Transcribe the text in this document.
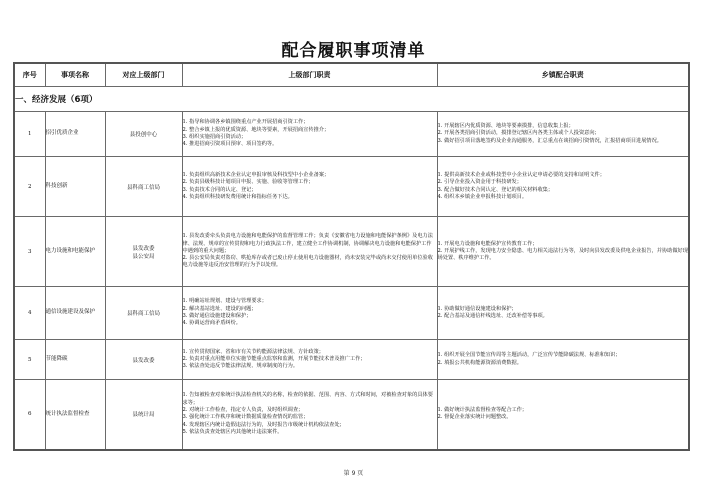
配合履职事项清单
序号	事项名称	对应上级部门	上级部门职责	乡镇配合职责
一、经济发展（6项）				
1	招引优质企业	县投创中心	1. 指导和协调各乡镇围绕重点产业开展招商引资工作；
2. 整合乡镇上报的优质资源、地块等要素，开展招商宣传推介；
3. 组织实施招商引资活动；
4. 推进招商引资项目预审、项目签约等。	1. 开展辖区内优质资源、地块等要素摸排，信息收集上报；
2. 开展各类招商引资活动，摸排登记辖区内各类主体或个人投资意向；
3. 做好招引项目落地签约及企业沟通服务，汇总重点在谈招商引资情况，汇报招商项目进展情况。

2	科技创新	县科商工信局	1. 负责组织高新技术企业认定申报审核及科技型中小企业备案；
2. 负责县级科技计划项目申报、实施、验收等管理工作；
3. 负责技术合同的认定、登记；
4. 负责组织科技研发费用统计和指标任务下达。	1. 提供高新技术企业或科技型中小企业认定申请必要的支持和证明文件；
2. 引导企业投入资金用于科技研发；
3. 配合做好技术合同认定、登记的相关材料收集；
4. 组织本乡镇企业申报科技计划项目。

3	电力设施和电能保护	县发改委
县公安局	1. 县发改委牵头负责电力设施和电能保护的监督管理工作；负责《安徽省电力设施和电能保护条例》及电力法律、法规、规章的宣传贯彻和电力行政执法工作，建立健全工作协调机制，协调解决电力设施和电能保护工作中遇到的重大问题；
2. 县公安局负责对盗窃、哄抢库存或者已废止停止使用电力设施器材，尚未安装完毕或尚未交付使用单位验收电力设施等违反治安管理的行为予以处理。	1. 开展电力设施和电能保护宣传教育工作；
2. 开展护线工作，发现电力安全隐患、电力相关违法行为等，及时向县发改委及供电企业报告，并协助做好现场处置、秩序维护工作。

4	通信设施建设及保护	县科商工信局	1. 明确站址规划、建设与管理要求；
2. 解决基站选址、建设的问题；
3. 做好通信设施建设和保护；
4. 协调运营商矛盾纠纷。	1. 协助做好通信设施建设和保护；
2. 配合基站及通信杆线选址、迁改补偿等事项。

5	节能降碳	县发改委	1. 宣传贯彻国家、省和市有关节约能源法律法规、方针政策；
2. 负责对重点用能单位实施节能重点监察和监测，开展节能技术普及推广工作；
3. 依法查处违反节能法律法规、规章制度的行为。	1. 组织开展全国节能宣传周等主题活动，广泛宣传节能降碳法规、标准和知识；
2. 填报公共机构能源资源消费数据。

6	统计执法监督检查	县统计局	1. 告知被检查对象统计执法检查机关的名称，检查的依据、范围、内容、方式和时间，对被检查对象的具体要求等；
2. 对统计工作检查，指定专人负责，及时组织调查；
3. 强化统计工作秩序和统计数据质量检查情况的监管；
4. 发现辖区内统计造假违法行为的，及时报告市级统计机构依法查处；
5. 依法负责查处辖区内其他统计违法案件。	1. 做好统计执法监督检查等配合工作；
2. 督促企业落实统计问题整改。
第 9 页
